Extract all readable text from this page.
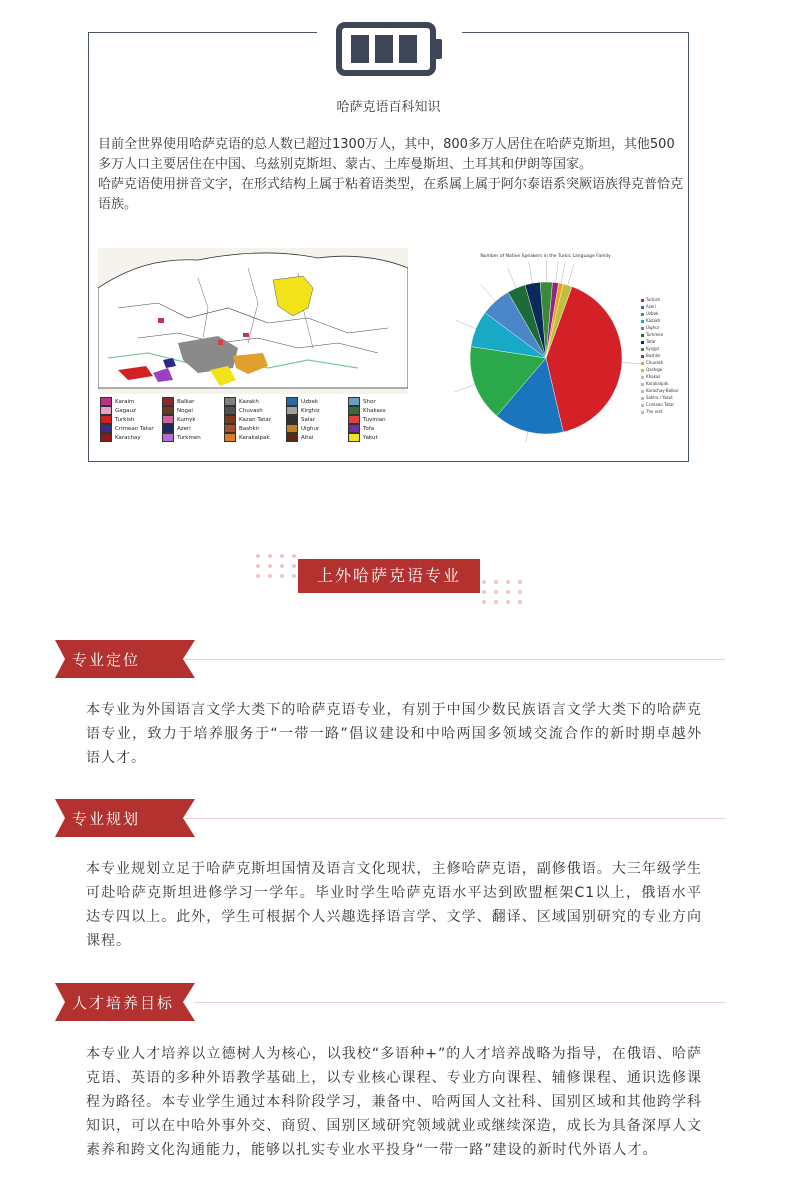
哈萨克语百科知识

目前全世界使用哈萨克语的总人数已超过1300万人，其中，800多万人居住在哈萨克斯坦，其他500多万人口主要居住在中国、乌兹别克斯坦、蒙古、土库曼斯坦、土耳其和伊朗等国家。

哈萨克语使用拼音文字，在形式结构上属于粘着语类型，在系属上属于阿尔泰语系突厥语族得克普恰克语族。

Karaim
Gagauz
Turkish
Crimean Tatar
Karachay
Balkar
Nogai
Kumyk
Azeri
Turkmen
Kazakh
Chuvash
Kazan Tatar
Bashkir
Karakalpak
Uzbek
Kirghiz
Salar
Uighur
Altai
Shor
Khakass
Tuvinian
Tofa
Yakut
Number of Native Speakers in the Turkic Language Family
Turkish
Azeri
Uzbek
Kazakh
Uighur
Turkmen
Tatar
Kyrgyz
Bashkir
Chuvash
Qashqai
Khakas
Karakalpak
Karachay-Balkar
Sakha / Yakut
Crimean Tatar
The rest
上外哈萨克语专业
专业定位

本专业为外国语言文学大类下的哈萨克语专业，有别于中国少数民族语言文学大类下的哈萨克语专业，致力于培养服务于“一带一路”倡议建设和中哈两国多领域交流合作的新时期卓越外语人才。

专业规划

本专业规划立足于哈萨克斯坦国情及语言文化现状，主修哈萨克语，副修俄语。大三年级学生可赴哈萨克斯坦进修学习一学年。毕业时学生哈萨克语水平达到欧盟框架C1以上，俄语水平达专四以上。此外，学生可根据个人兴趣选择语言学、文学、翻译、区域国别研究的专业方向课程。

人才培养目标

本专业人才培养以立德树人为核心，以我校“多语种+”的人才培养战略为指导，在俄语、哈萨克语、英语的多种外语教学基础上，以专业核心课程、专业方向课程、辅修课程、通识选修课程为路径。本专业学生通过本科阶段学习，兼备中、哈两国人文社科、国别区域和其他跨学科知识，可以在中哈外事外交、商贸、国别区域研究领域就业或继续深造，成长为具备深厚人文素养和跨文化沟通能力，能够以扎实专业水平投身“一带一路”建设的新时代外语人才。
